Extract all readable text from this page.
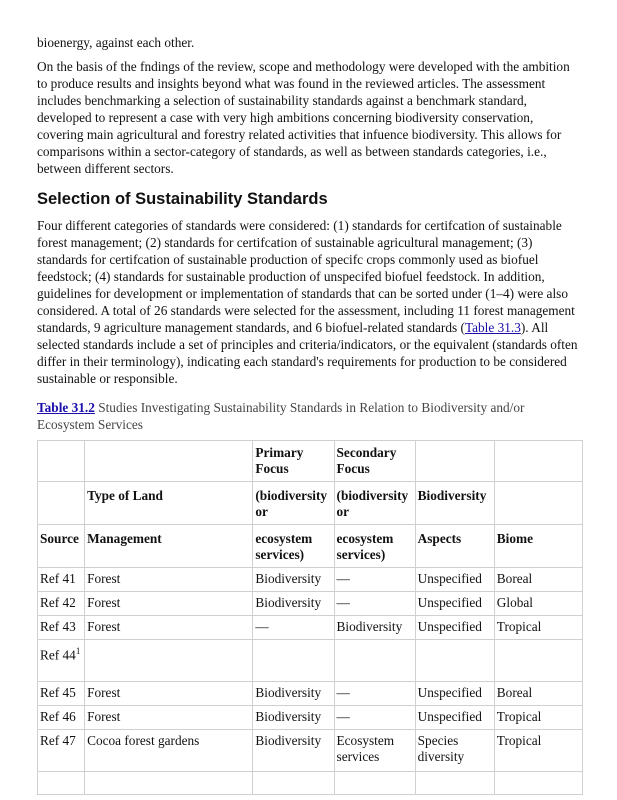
bioenergy, against each other.

On the basis of the fndings of the review, scope and methodology were developed with the ambition to produce results and insights beyond what was found in the reviewed articles. The assessment includes benchmarking a selection of sustainability standards against a benchmark standard, developed to represent a case with very high ambitions concerning biodiversity conservation, covering main agricultural and forestry related activities that infuence biodiversity. This allows for comparisons within a sector-category of standards, as well as between standards categories, i.e., between different sectors.

Selection of Sustainability Standards

Four different categories of standards were considered: (1) standards for certifcation of sustainable forest management; (2) standards for certifcation of sustainable agricultural management; (3) standards for certifcation of sustainable production of specifc crops commonly used as biofuel feedstock; (4) standards for sustainable production of unspecifed biofuel feedstock. In addition, guidelines for development or implementation of standards that can be sorted under (1–4) were also considered. A total of 26 standards were selected for the assessment, including 11 forest management standards, 9 agriculture management standards, and 6 biofuel-related standards (Table 31.3). All selected standards include a set of principles and criteria/indicators, or the equivalent (standards often differ in their terminology), indicating each standard's requirements for production to be considered sustainable or responsible.

Table 31.2 Studies Investigating Sustainability Standards in Relation to Biodiversity and/or Ecosystem Services
		Primary Focus	Secondary Focus		
	Type of Land	(biodiversity or	(biodiversity or	Biodiversity	
Source	Management	ecosystem services)	ecosystem services)	Aspects	Biome
Ref 41	Forest	Biodiversity	—	Unspecified	Boreal
Ref 42	Forest	Biodiversity	—	Unspecified	Global
Ref 43	Forest	—	Biodiversity	Unspecified	Tropical
Ref $44^1$					
Ref 45	Forest	Biodiversity	—	Unspecified	Boreal
Ref 46	Forest	Biodiversity	—	Unspecified	Tropical
Ref 47	Cocoa forest gardens	Biodiversity	Ecosystem services	Species diversity	Tropical
